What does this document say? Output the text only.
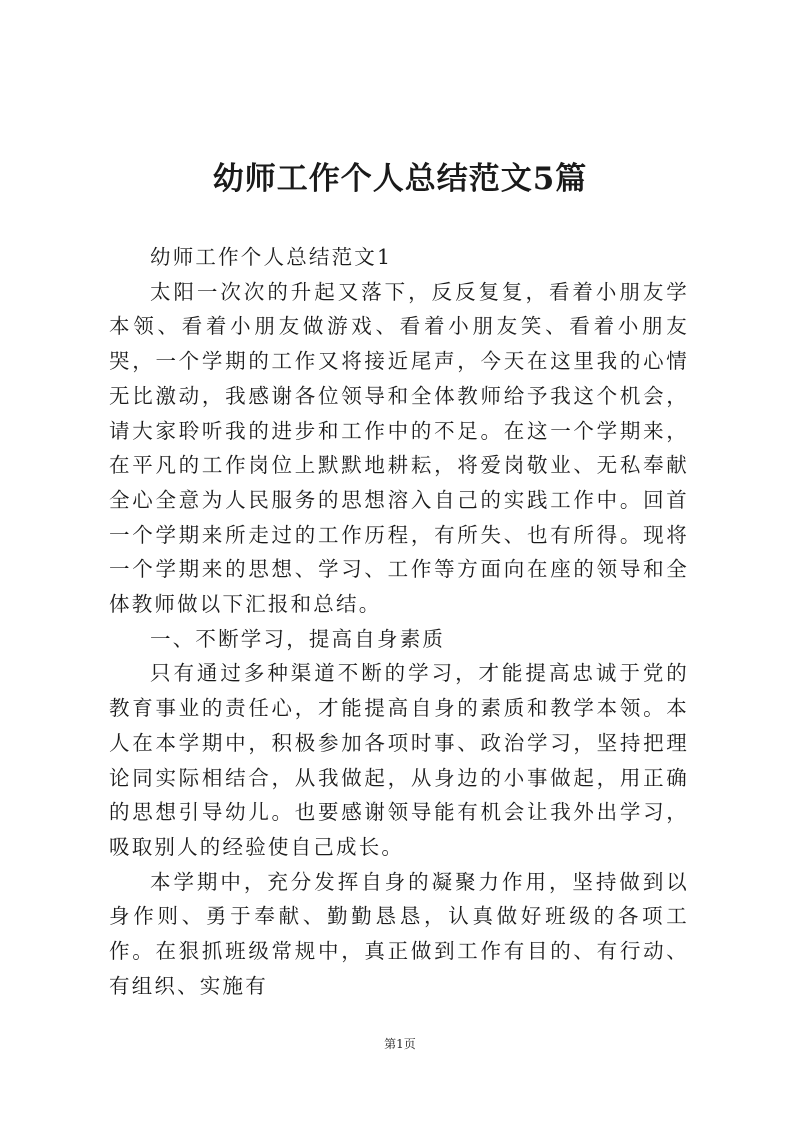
幼师工作个人总结范文5篇

幼师工作个人总结范文1

太阳一次次的升起又落下，反反复复，看着小朋友学本领、看着小朋友做游戏、看着小朋友笑、看着小朋友哭，一个学期的工作又将接近尾声，今天在这里我的心情无比激动，我感谢各位领导和全体教师给予我这个机会，请大家聆听我的进步和工作中的不足。在这一个学期来，在平凡的工作岗位上默默地耕耘，将爱岗敬业、无私奉献全心全意为人民服务的思想溶入自己的实践工作中。回首一个学期来所走过的工作历程，有所失、也有所得。现将一个学期来的思想、学习、工作等方面向在座的领导和全体教师做以下汇报和总结。

一、不断学习，提高自身素质

只有通过多种渠道不断的学习，才能提高忠诚于党的教育事业的责任心，才能提高自身的素质和教学本领。本人在本学期中，积极参加各项时事、政治学习，坚持把理论同实际相结合，从我做起，从身边的小事做起，用正确的思想引导幼儿。也要感谢领导能有机会让我外出学习，吸取别人的经验使自己成长。

本学期中，充分发挥自身的凝聚力作用，坚持做到以身作则、勇于奉献、勤勤恳恳，认真做好班级的各项工作。在狠抓班级常规中，真正做到工作有目的、有行动、有组织、实施有

第1页
